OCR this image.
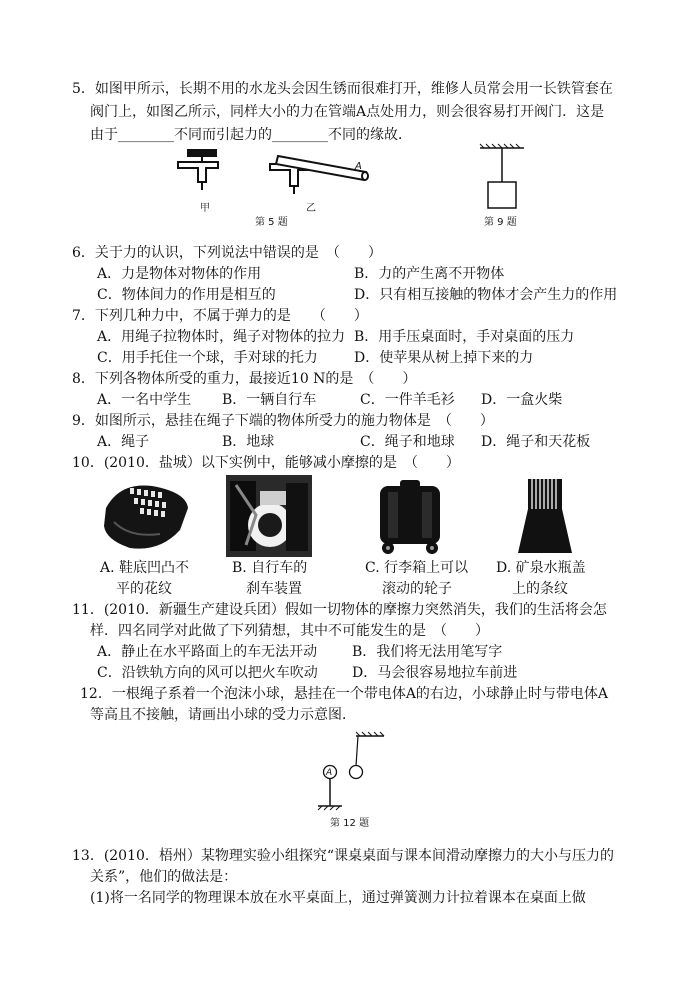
5．如图甲所示，长期不用的水龙头会因生锈而很难打开，维修人员常会用一长铁管套在
阀门上，如图乙所示，同样大小的力在管端A点处用力，则会很容易打开阀门．这是
由于________不同而引起力的________不同的缘故．
A
甲	乙
第 5 题	第 9 题
6．关于力的认识，下列说法中错误的是　（　　）
A．力是物体对物体的作用	B．力的产生离不开物体
C．物体间力的作用是相互的	D．只有相互接触的物体才会产生力的作用
7．下列几种力中，不属于弹力的是　　（　　）
A．用绳子拉物体时，绳子对物体的拉力 B．用手压桌面时，手对桌面的压力
C．用手托住一个球，手对球的托力	D．使苹果从树上掉下来的力
8．下列各物体所受的重力，最接近10 N的是　（　　）
A．一名中学生 B．一辆自行车	C．一件羊毛衫 D．一盒火柴
9．如图所示，悬挂在绳子下端的物体所受力的施力物体是　（　　）
A．绳子	B．地球	C．绳子和地球 D．绳子和天花板
10．(2010．盐城）以下实例中，能够减小摩擦的是　（　　）
A. 鞋底凹凸不
平的花纹
B. 自行车的
刹车装置
C. 行李箱上可以
滚动的轮子
D. 矿泉水瓶盖
上的条纹
11．(2010．新疆生产建设兵团）假如一切物体的摩擦力突然消失，我们的生活将会怎
样．四名同学对此做了下列猜想，其中不可能发生的是　（　　）
A．静止在水平路面上的车无法开动 B．我们将无法用笔写字
C．沿铁轨方向的风可以把火车吹动 D．马会很容易地拉车前进
12．一根绳子系着一个泡沫小球，悬挂在一个带电体A的右边，小球静止时与带电体A
等高且不接触，请画出小球的受力示意图．
A
第 12 题
13．(2010．梧州）某物理实验小组探究“课桌桌面与课本间滑动摩擦力的大小与压力的
关系”，他们的做法是：
(1)将一名同学的物理课本放在水平桌面上，通过弹簧测力计拉着课本在桌面上做
